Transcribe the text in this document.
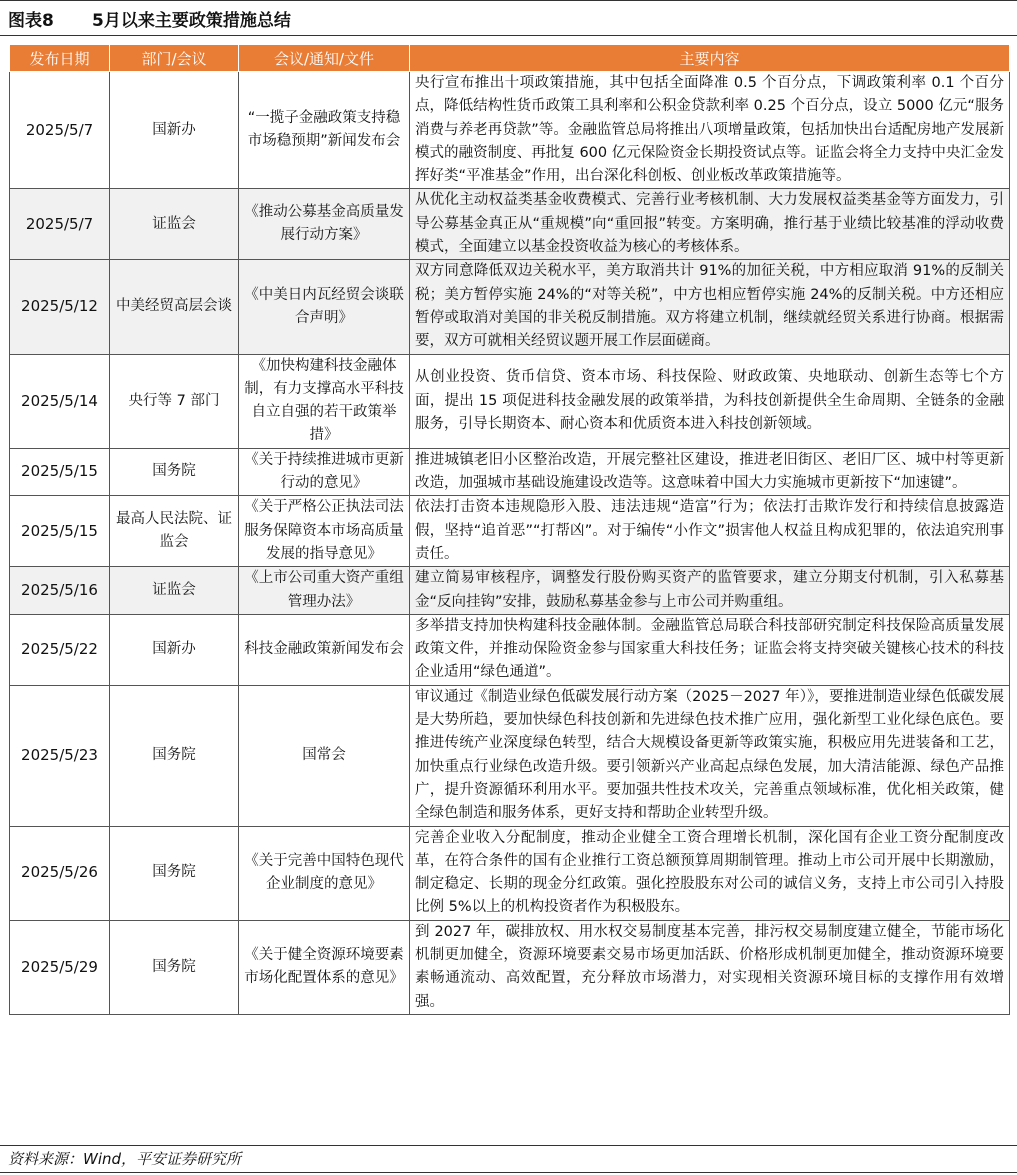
图表8	5月以来主要政策措施总结
发布日期	部门/会议	会议/通知/文件	主要内容
2025/5/7	国新办	“一揽子金融政策支持稳市场稳预期”新闻发布会	央行宣布推出十项政策措施，其中包括全面降准 0.5 个百分点，下调政策利率 0.1 个百分点，降低结构性货币政策工具利率和公积金贷款利率 0.25 个百分点，设立 5000 亿元“服务消费与养老再贷款”等。金融监管总局将推出八项增量政策，包括加快出台适配房地产发展新模式的融资制度、再批复 600 亿元保险资金长期投资试点等。证监会将全力支持中央汇金发挥好类“平准基金”作用，出台深化科创板、创业板改革政策措施等。
2025/5/7	证监会	《推动公募基金高质量发展行动方案》	从优化主动权益类基金收费模式、完善行业考核机制、大力发展权益类基金等方面发力，引导公募基金真正从“重规模”向“重回报”转变。方案明确，推行基于业绩比较基准的浮动收费模式，全面建立以基金投资收益为核心的考核体系。
2025/5/12	中美经贸高层会谈	《中美日内瓦经贸会谈联合声明》	双方同意降低双边关税水平，美方取消共计 91%的加征关税，中方相应取消 91%的反制关税；美方暂停实施 24%的“对等关税”，中方也相应暂停实施 24%的反制关税。中方还相应暂停或取消对美国的非关税反制措施。双方将建立机制，继续就经贸关系进行协商。根据需要，双方可就相关经贸议题开展工作层面磋商。
2025/5/14	央行等 7 部门	《加快构建科技金融体制，有力支撑高水平科技自立自强的若干政策举措》	从创业投资、货币信贷、资本市场、科技保险、财政政策、央地联动、创新生态等七个方面，提出 15 项促进科技金融发展的政策举措，为科技创新提供全生命周期、全链条的金融服务，引导长期资本、耐心资本和优质资本进入科技创新领域。
2025/5/15	国务院	《关于持续推进城市更新行动的意见》	推进城镇老旧小区整治改造，开展完整社区建设，推进老旧街区、老旧厂区、城中村等更新改造，加强城市基础设施建设改造等。这意味着中国大力实施城市更新按下“加速键”。
2025/5/15	最高人民法院、证监会	《关于严格公正执法司法服务保障资本市场高质量发展的指导意见》	依法打击资本违规隐形入股、违法违规“造富”行为；依法打击欺诈发行和持续信息披露造假，坚持“追首恶”“打帮凶”。对于编传“小作文”损害他人权益且构成犯罪的，依法追究刑事责任。
2025/5/16	证监会	《上市公司重大资产重组管理办法》	建立简易审核程序，调整发行股份购买资产的监管要求，建立分期支付机制，引入私募基金“反向挂钩”安排，鼓励私募基金参与上市公司并购重组。
2025/5/22	国新办	科技金融政策新闻发布会	多举措支持加快构建科技金融体制。金融监管总局联合科技部研究制定科技保险高质量发展政策文件，并推动保险资金参与国家重大科技任务；证监会将支持突破关键核心技术的科技企业适用“绿色通道”。
2025/5/23	国务院	国常会	审议通过《制造业绿色低碳发展行动方案（2025－2027 年）》，要推进制造业绿色低碳发展是大势所趋，要加快绿色科技创新和先进绿色技术推广应用，强化新型工业化绿色底色。要推进传统产业深度绿色转型，结合大规模设备更新等政策实施，积极应用先进装备和工艺，加快重点行业绿色改造升级。要引领新兴产业高起点绿色发展，加大清洁能源、绿色产品推广，提升资源循环利用水平。要加强共性技术攻关，完善重点领域标准，优化相关政策，健全绿色制造和服务体系，更好支持和帮助企业转型升级。
2025/5/26	国务院	《关于完善中国特色现代企业制度的意见》	完善企业收入分配制度，推动企业健全工资合理增长机制，深化国有企业工资分配制度改革，在符合条件的国有企业推行工资总额预算周期制管理。推动上市公司开展中长期激励，制定稳定、长期的现金分红政策。强化控股股东对公司的诚信义务，支持上市公司引入持股比例 5%以上的机构投资者作为积极股东。
2025/5/29	国务院	《关于健全资源环境要素市场化配置体系的意见》	到 2027 年，碳排放权、用水权交易制度基本完善，排污权交易制度建立健全，节能市场化机制更加健全，资源环境要素交易市场更加活跃、价格形成机制更加健全，推动资源环境要素畅通流动、高效配置，充分释放市场潜力，对实现相关资源环境目标的支撑作用有效增强。
资料来源：Wind，平安证券研究所
